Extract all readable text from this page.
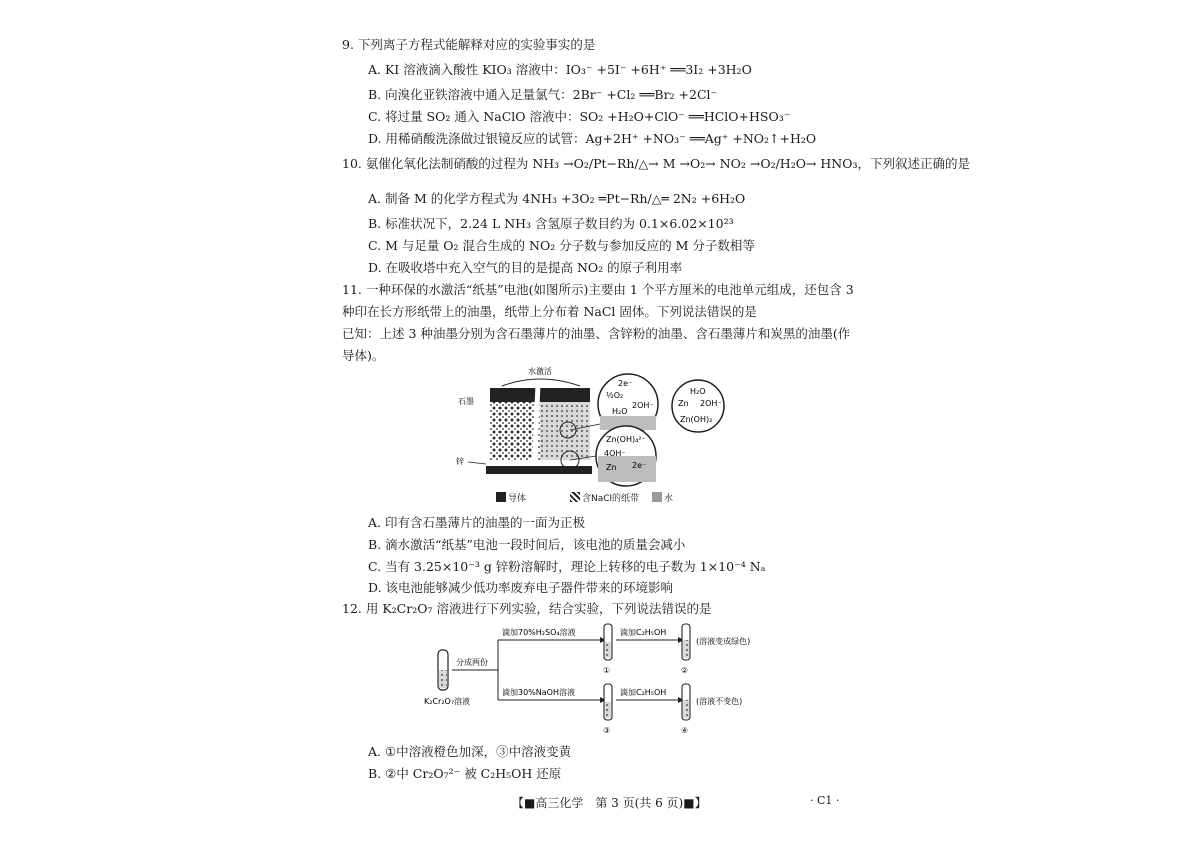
9. 下列离子方程式能解释对应的实验事实的是
A. KI 溶液滴入酸性 KIO₃ 溶液中：IO₃⁻ +5I⁻ +6H⁺ ══3I₂ +3H₂O
B. 向溴化亚铁溶液中通入足量氯气：2Br⁻ +Cl₂ ══Br₂ +2Cl⁻
C. 将过量 SO₂ 通入 NaClO 溶液中：SO₂ +H₂O+ClO⁻ ══HClO+HSO₃⁻
D. 用稀硝酸洗涤做过银镜反应的试管：Ag+2H⁺ +NO₃⁻ ══Ag⁺ +NO₂↑+H₂O
10. 氨催化氧化法制硝酸的过程为 NH₃ →O₂/Pt−Rh/△→ M →O₂→ NO₂ →O₂/H₂O→ HNO₃，下列叙述正确的是
A. 制备 M 的化学方程式为 4NH₃ +3O₂ ═Pt−Rh/△═ 2N₂ +6H₂O
B. 标准状况下，2.24 L NH₃ 含氢原子数目约为 0.1×6.02×10²³
C. M 与足量 O₂ 混合生成的 NO₂ 分子数与参加反应的 M 分子数相等
D. 在吸收塔中充入空气的目的是提高 NO₂ 的原子利用率
11. 一种环保的水激活“纸基”电池(如图所示)主要由 1 个平方厘米的电池单元组成，还包含 3
种印在长方形纸带上的油墨，纸带上分布着 NaCl 固体。下列说法错误的是
已知：上述 3 种油墨分别为含石墨薄片的油墨、含锌粉的油墨、含石墨薄片和炭黑的油墨(作
导体)。
水激活
石墨
锌
2e⁻
½O₂
H₂O
2OH⁻
H₂O
Zn 2OH⁻
Zn(OH)₂
Zn(OH)₄²⁻
4OH⁻
Zn 2e⁻
导体	含NaCl的纸带	水
A. 印有含石墨薄片的油墨的一面为正极
B. 滴水激活“纸基”电池一段时间后，该电池的质量会减小
C. 当有 3.25×10⁻³ g 锌粉溶解时，理论上转移的电子数为 1×10⁻⁴ Nₐ
D. 该电池能够减少低功率废弃电子器件带来的环境影响
12. 用 K₂Cr₂O₇ 溶液进行下列实验，结合实验，下列说法错误的是
K₂Cr₂O₇溶液
分成两份
滴加70%H₂SO₄溶液
①
滴加C₂H₅OH
②
(溶液变成绿色)
滴加30%NaOH溶液
③
滴加C₂H₅OH
④
(溶液不变色)
A. ①中溶液橙色加深，③中溶液变黄
B. ②中 Cr₂O₇²⁻ 被 C₂H₅OH 还原
【■高三化学　第 3 页(共 6 页)■】	· C1 ·
